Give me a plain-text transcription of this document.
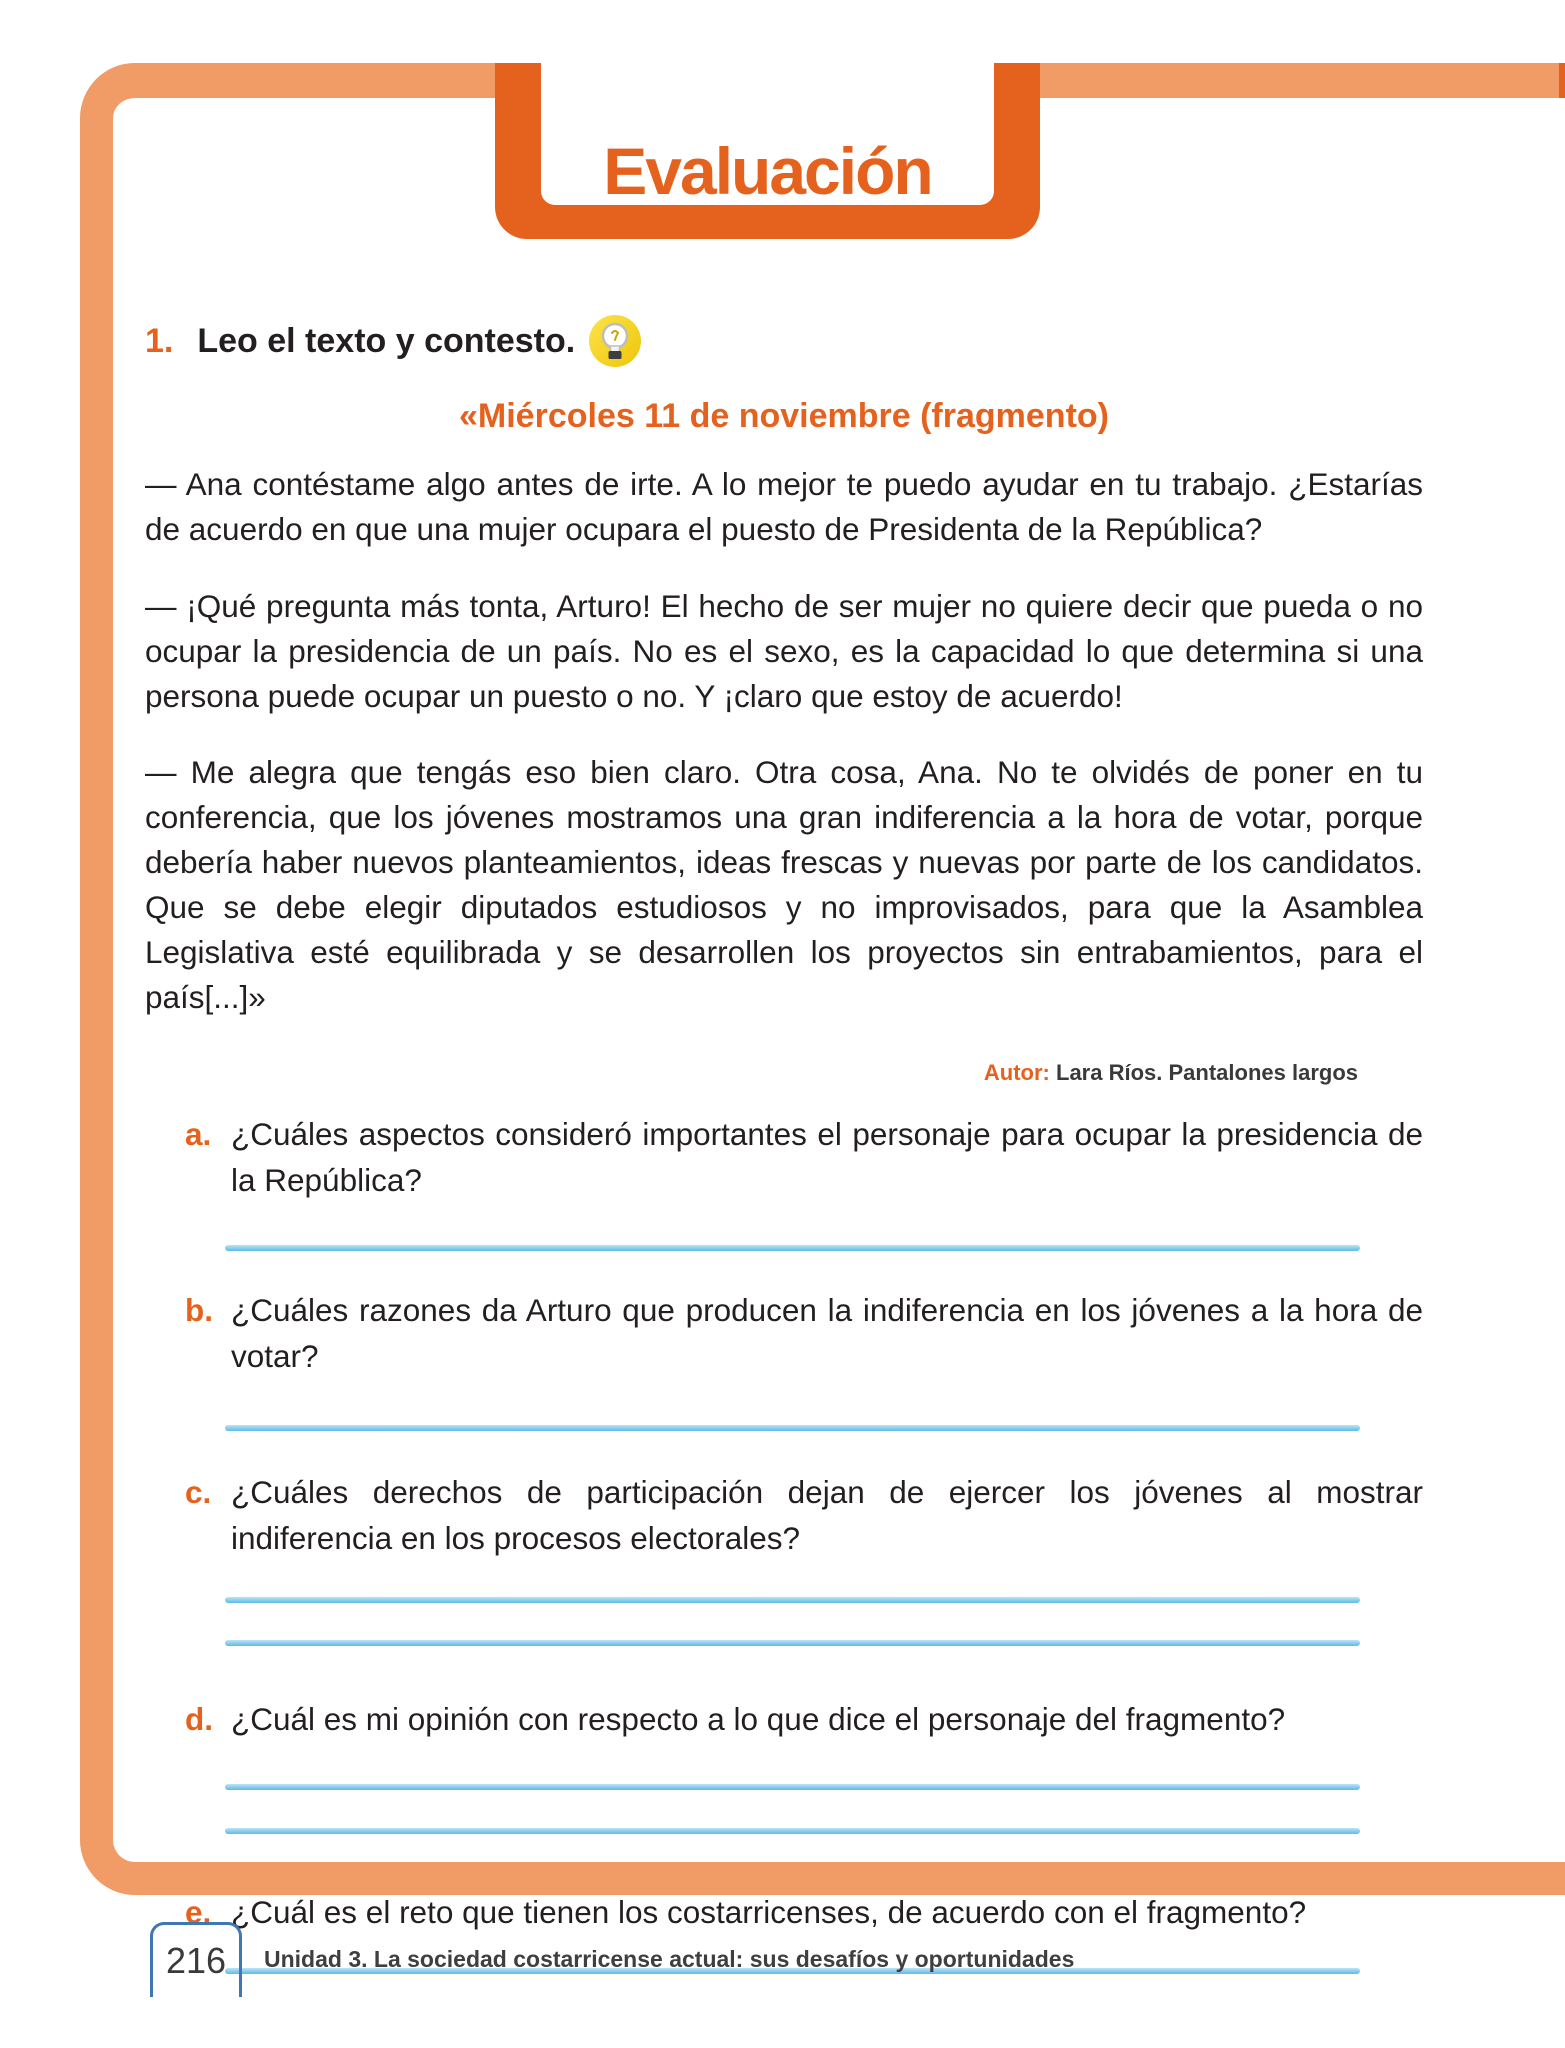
Evaluación
1. Leo el texto y contesto.
«Miércoles 11 de noviembre (fragmento)

— Ana contéstame algo antes de irte. A lo mejor te puedo ayudar en tu trabajo. ¿Estarías de acuerdo en que una mujer ocupara el puesto de Presidenta de la República?

— ¡Qué pregunta más tonta, Arturo! El hecho de ser mujer no quiere decir que pueda o no ocupar la presidencia de un país. No es el sexo, es la capacidad lo que determina si una persona puede ocupar un puesto o no. Y ¡claro que estoy de acuerdo!

— Me alegra que tengás eso bien claro. Otra cosa, Ana. No te olvidés de poner en tu conferencia, que los jóvenes mostramos una gran indiferencia a la hora de votar, porque debería haber nuevos planteamientos, ideas frescas y nuevas por parte de los candidatos. Que se debe elegir diputados estudiosos y no improvisados, para que la Asamblea Legislativa esté equilibrada y se desarrollen los proyectos sin entrabamientos, para el país[...]»

Autor: Lara Ríos. Pantalones largos
a. ¿Cuáles aspectos consideró importantes el personaje para ocupar la presidencia de la República?
b. ¿Cuáles razones da Arturo que producen la indiferencia en los jóvenes a la hora de votar?
c. ¿Cuáles derechos de participación dejan de ejercer los jóvenes al mostrar indiferencia en los procesos electorales?
d. ¿Cuál es mi opinión con respecto a lo que dice el personaje del fragmento?
e. ¿Cuál es el reto que tienen los costarricenses, de acuerdo con el fragmento?
216 Unidad 3. La sociedad costarricense actual: sus desafíos y oportunidades
